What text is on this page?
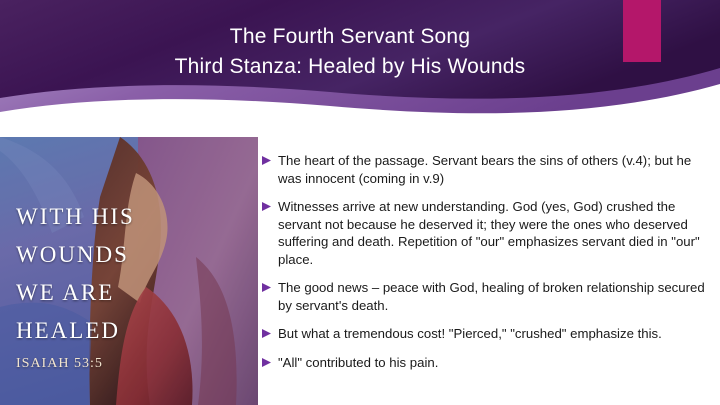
The Fourth Servant Song
Third Stanza: Healed by His Wounds
WITH HIS
WOUNDS
WE ARE
HEALED
ISAIAH 53:5
The heart of the passage. Servant bears the sins of others (v.4); but he was innocent (coming in v.9)
Witnesses arrive at new understanding. God (yes, God) crushed the servant not because he deserved it; they were the ones who deserved suffering and death. Repetition of "our" emphasizes servant died in "our" place.
The good news – peace with God, healing of broken relationship secured by servant's death.
But what a tremendous cost! "Pierced," "crushed" emphasize this.
"All" contributed to his pain.
